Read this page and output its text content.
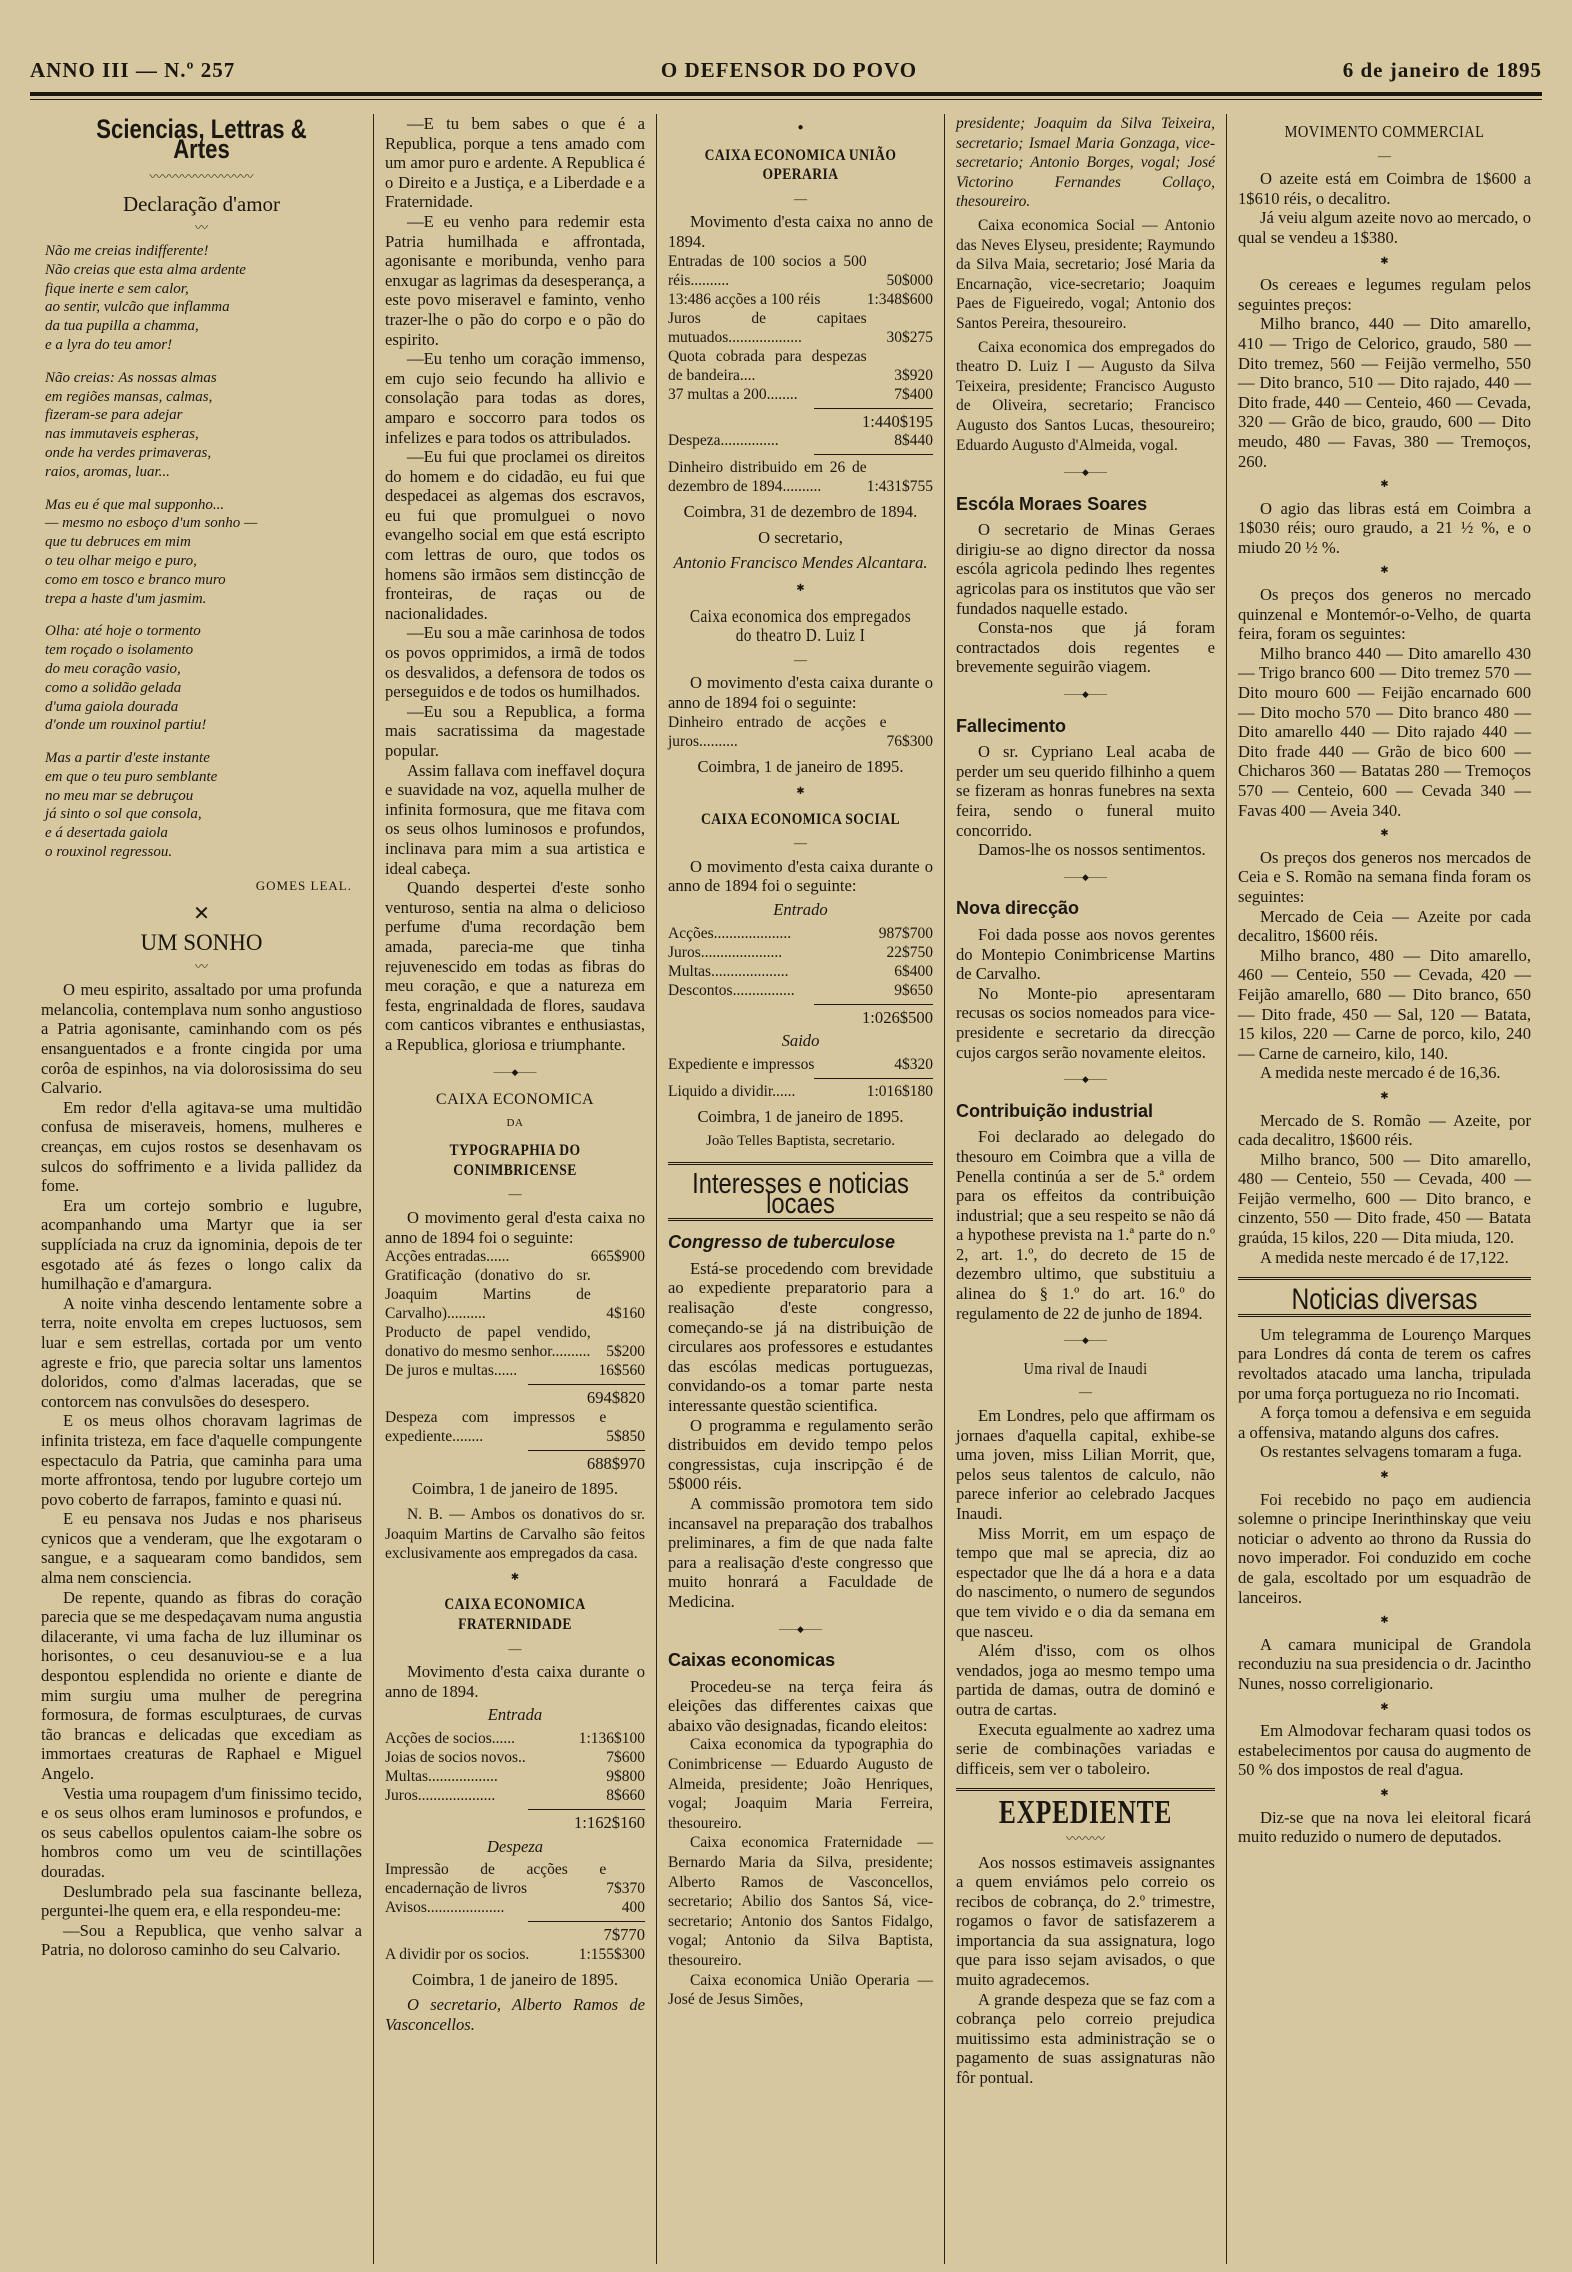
ANNO III — N.º 257	O DEFENSOR DO POVO	6 de janeiro de 1895
Sciencias, Lettras & Artes
〰〰〰〰〰〰〰〰
Declaração d'amor
〰
Não me creias indifferente!
Não creias que esta alma ardente
fique inerte e sem calor,
ao sentir, vulcão que inflamma
da tua pupilla a chamma,
e a lyra do teu amor!
Não creias: As nossas almas
em regiões mansas, calmas,
fizeram-se para adejar
nas immutaveis espheras,
onde ha verdes primaveras,
raios, aromas, luar...
Mas eu é que mal supponho...
— mesmo no esboço d'um sonho —
que tu debruces em mim
o teu olhar meigo e puro,
como em tosco e branco muro
trepa a haste d'um jasmim.
Olha: até hoje o tormento
tem roçado o isolamento
do meu coração vasio,
como a solidão gelada
d'uma gaiola dourada
d'onde um rouxinol partiu!
Mas a partir d'este instante
em que o teu puro semblante
no meu mar se debruçou
já sinto o sol que consola,
e á desertada gaiola
o rouxinol regressou.
GOMES LEAL.
✕
UM SONHO
〰

O meu espirito, assaltado por uma profunda melancolia, contemplava num sonho angustioso a Patria agonisante, caminhando com os pés ensanguentados e a fronte cingida por uma corôa de espinhos, na via dolorosissima do seu Calvario.

Em redor d'ella agitava-se uma multidão confusa de miseraveis, homens, mulheres e creanças, em cujos rostos se desenhavam os sulcos do soffrimento e a livida pallidez da fome.

Era um cortejo sombrio e lugubre, acompanhando uma Martyr que ia ser supplíciada na cruz da ignominia, depois de ter esgotado até ás fezes o longo calix da humilhação e d'amargura.

A noite vinha descendo lentamente sobre a terra, noite envolta em crepes luctuosos, sem luar e sem estrellas, cortada por um vento agreste e frio, que parecia soltar uns lamentos doloridos, como d'almas laceradas, que se contorcem nas convulsões do desespero.

E os meus olhos choravam lagrimas de infinita tristeza, em face d'aquelle compungente espectaculo da Patria, que caminha para uma morte affrontosa, tendo por lugubre cortejo um povo coberto de farrapos, faminto e quasi nú.

E eu pensava nos Judas e nos phariseus cynicos que a venderam, que lhe exgotaram o sangue, e a saquearam como bandidos, sem alma nem consciencia.

De repente, quando as fibras do coração parecia que se me despedaçavam numa angustia dilacerante, vi uma facha de luz illuminar os horisontes, o ceu desanuviou-se e a lua despontou esplendida no oriente e diante de mim surgiu uma mulher de peregrina formosura, de formas esculpturaes, de curvas tão brancas e delicadas que excediam as immortaes creaturas de Raphael e Miguel Angelo.

Vestia uma roupagem d'um finissimo tecido, e os seus olhos eram luminosos e profundos, e os seus cabellos opulentos caiam-lhe sobre os hombros como um veu de scintillações douradas.

Deslumbrado pela sua fascinante belleza, perguntei-lhe quem era, e ella respondeu-me:

—Sou a Republica, que venho salvar a Patria, no doloroso caminho do seu Calvario.

—E tu bem sabes o que é a Republica, porque a tens amado com um amor puro e ardente. A Republica é o Direito e a Justiça, e a Liberdade e a Fraternidade.

—E eu venho para redemir esta Patria humilhada e affrontada, agonisante e moribunda, venho para enxugar as lagrimas da desesperança, a este povo miseravel e faminto, venho trazer-lhe o pão do corpo e o pão do espirito.

—Eu tenho um coração immenso, em cujo seio fecundo ha allivio e consolação para todas as dores, amparo e soccorro para todos os infelizes e para todos os attribulados.

—Eu fui que proclamei os direitos do homem e do cidadão, eu fui que despedacei as algemas dos escravos, eu fui que promulguei o novo evangelho social em que está escripto com lettras de ouro, que todos os homens são irmãos sem distincção de fronteiras, de raças ou de nacionalidades.

—Eu sou a mãe carinhosa de todos os povos opprimidos, a irmã de todos os desvalidos, a defensora de todos os perseguidos e de todos os humilhados.

—Eu sou a Republica, a forma mais sacratissima da magestade popular.

Assim fallava com ineffavel doçura e suavidade na voz, aquella mulher de infinita formosura, que me fitava com os seus olhos luminosos e profundos, inclinava para mim a sua artistica e ideal cabeça.

Quando despertei d'este sonho venturoso, sentia na alma o delicioso perfume d'uma recordação bem amada, parecia-me que tinha rejuvenescido em todas as fibras do meu coração, e que a natureza em festa, engrinaldada de flores, saudava com canticos vibrantes e enthusiastas, a Republica, gloriosa e triumphante.

——◆——
CAIXA ECONOMICA
DA
TYPOGRAPHIA DO CONIMBRICENSE
—

O movimento geral d'esta caixa no anno de 1894 foi o seguinte:

Acções entradas......	665$900
Gratificação (donativo do sr. Joaquim Martins de Carvalho)..........	4$160
Producto de papel vendido, donativo do mesmo senhor..........	5$200
De juros e multas......	16$560
694$820
Despeza com impressos e expediente........	5$850
688$970
Coimbra, 1 de janeiro de 1895.

N. B. — Ambos os donativos do sr. Joaquim Martins de Carvalho são feitos exclusivamente aos empregados da casa.

✱
CAIXA ECONOMICA FRATERNIDADE
—

Movimento d'esta caixa durante o anno de 1894.

Entrada
Acções de socios......	1:136$100
Joias de socios novos..	7$600
Multas..................	9$800
Juros....................	8$660
1:162$160
Despeza
Impressão de acções e encadernação de livros	7$370
Avisos....................	400
7$770
A dividir por os socios.	1:155$300
Coimbra, 1 de janeiro de 1895.

O secretario, Alberto Ramos de Vasconcellos.

●
CAIXA ECONOMICA UNIÃO OPERARIA
—

Movimento d'esta caixa no anno de 1894.

Entradas de 100 socios a 500 réis..........	50$000
13:486 acções a 100 réis	1:348$600
Juros de capitaes mutuados...................	30$275
Quota cobrada para despezas de bandeira....	3$920
37 multas a 200........	7$400
1:440$195
Despeza...............	8$440
Dinheiro distribuido em 26 de dezembro de 1894..........	1:431$755
Coimbra, 31 de dezembro de 1894.
O secretario,
Antonio Francisco Mendes Alcantara.
✱
Caixa economica dos empregados do theatro D. Luiz I
—

O movimento d'esta caixa durante o anno de 1894 foi o seguinte:

Dinheiro entrado de acções e juros..........	76$300
Coimbra, 1 de janeiro de 1895.
✱
CAIXA ECONOMICA SOCIAL
—

O movimento d'esta caixa durante o anno de 1894 foi o seguinte:

Entrado
Acções....................	987$700
Juros.....................	22$750
Multas....................	6$400
Descontos................	9$650
1:026$500
Saido
Expediente e impressos	4$320
Liquido a dividir......	1:016$180
Coimbra, 1 de janeiro de 1895.
João Telles Baptista, secretario.
Interesses e noticias locaes
Congresso de tuberculose

Está-se procedendo com brevidade ao expediente preparatorio para a realisação d'este congresso, começando-se já na distribuição de circulares aos professores e estudantes das escólas medicas portuguezas, convidando-os a tomar parte nesta interessante questão scientifica.

O programma e regulamento serão distribuidos em devido tempo pelos congressistas, cuja inscripção é de 5$000 réis.

A commissão promotora tem sido incansavel na preparação dos trabalhos preliminares, a fim de que nada falte para a realisação d'este congresso que muito honrará a Faculdade de Medicina.

——◆——
Caixas economicas

Procedeu-se na terça feira ás eleições das differentes caixas que abaixo vão designadas, ficando eleitos:

Caixa economica da typographia do Conimbricense — Eduardo Augusto de Almeida, presidente; João Henriques, vogal; Joaquim Maria Ferreira, thesoureiro.

Caixa economica Fraternidade — Bernardo Maria da Silva, presidente; Alberto Ramos de Vasconcellos, secretario; Abilio dos Santos Sá, vice-secretario; Antonio dos Santos Fidalgo, vogal; Antonio da Silva Baptista, thesoureiro.

Caixa economica União Operaria — José de Jesus Simões,

presidente; Joaquim da Silva Teixeira, secretario; Ismael Maria Gonzaga, vice-secretario; Antonio Borges, vogal; José Victorino Fernandes Collaço, thesoureiro.

Caixa economica Social — Antonio das Neves Elyseu, presidente; Raymundo da Silva Maia, secretario; José Maria da Encarnação, vice-secretario; Joaquim Paes de Figueiredo, vogal; Antonio dos Santos Pereira, thesoureiro.

Caixa economica dos empregados do theatro D. Luiz I — Augusto da Silva Teixeira, presidente; Francisco Augusto de Oliveira, secretario; Francisco Augusto dos Santos Lucas, thesoureiro; Eduardo Augusto d'Almeida, vogal.

——◆——
Escóla Moraes Soares

O secretario de Minas Geraes dirigiu-se ao digno director da nossa escóla agricola pedindo lhes regentes agricolas para os institutos que vão ser fundados naquelle estado.

Consta-nos que já foram contractados dois regentes e brevemente seguirão viagem.

——◆——
Fallecimento

O sr. Cypriano Leal acaba de perder um seu querido filhinho a quem se fizeram as honras funebres na sexta feira, sendo o funeral muito concorrido.

Damos-lhe os nossos sentimentos.

——◆——
Nova direcção

Foi dada posse aos novos gerentes do Montepio Conimbricense Martins de Carvalho.

No Monte-pio apresentaram recusas os socios nomeados para vice-presidente e secretario da direcção cujos cargos serão novamente eleitos.

——◆——
Contribuição industrial

Foi declarado ao delegado do thesouro em Coimbra que a villa de Penella continúa a ser de 5.ª ordem para os effeitos da contribuição industrial; que a seu respeito se não dá a hypothese prevista na 1.ª parte do n.º 2, art. 1.º, do decreto de 15 de dezembro ultimo, que substituiu a alinea do § 1.º do art. 16.º do regulamento de 22 de junho de 1894.

——◆——
Uma rival de Inaudi
—

Em Londres, pelo que affirmam os jornaes d'aquella capital, exhibe-se uma joven, miss Lilian Morrit, que, pelos seus talentos de calculo, não parece inferior ao celebrado Jacques Inaudi.

Miss Morrit, em um espaço de tempo que mal se aprecia, diz ao espectador que lhe dá a hora e a data do nascimento, o numero de segundos que tem vivido e o dia da semana em que nasceu.

Além d'isso, com os olhos vendados, joga ao mesmo tempo uma partida de damas, outra de dominó e outra de cartas.

Executa egualmente ao xadrez uma serie de combinações variadas e difficeis, sem ver o taboleiro.

EXPEDIENTE
〰〰〰

Aos nossos estimaveis assignantes a quem enviámos pelo correio os recibos de cobrança, do 2.º trimestre, rogamos o favor de satisfazerem a importancia da sua assignatura, logo que para isso sejam avisados, o que muito agradecemos.

A grande despeza que se faz com a cobrança pelo correio prejudica muitissimo esta administração se o pagamento de suas assignaturas não fôr pontual.

MOVIMENTO COMMERCIAL
—

O azeite está em Coimbra de 1$600 a 1$610 réis, o decalitro.

Já veiu algum azeite novo ao mercado, o qual se vendeu a 1$380.

✱

Os cereaes e legumes regulam pelos seguintes preços:

Milho branco, 440 — Dito amarello, 410 — Trigo de Celorico, graudo, 580 — Dito tremez, 560 — Feijão vermelho, 550 — Dito branco, 510 — Dito rajado, 440 — Dito frade, 440 — Centeio, 460 — Cevada, 320 — Grão de bico, graudo, 600 — Dito meudo, 480 — Favas, 380 — Tremoços, 260.

✱

O agio das libras está em Coimbra a 1$030 réis; ouro graudo, a 21 ½ %, e o miudo 20 ½ %.

✱

Os preços dos generos no mercado quinzenal e Montemór-o-Velho, de quarta feira, foram os seguintes:

Milho branco 440 — Dito amarello 430 — Trigo branco 600 — Dito tremez 570 — Dito mouro 600 — Feijão encarnado 600 — Dito mocho 570 — Dito branco 480 — Dito amarello 440 — Dito rajado 440 — Dito frade 440 — Grão de bico 600 — Chicharos 360 — Batatas 280 — Tremoços 570 — Centeio, 600 — Cevada 340 — Favas 400 — Aveia 340.

✱

Os preços dos generos nos mercados de Ceia e S. Romão na semana finda foram os seguintes:

Mercado de Ceia — Azeite por cada decalitro, 1$600 réis.

Milho branco, 480 — Dito amarello, 460 — Centeio, 550 — Cevada, 420 — Feijão amarello, 680 — Dito branco, 650 — Dito frade, 450 — Sal, 120 — Batata, 15 kilos, 220 — Carne de porco, kilo, 240 — Carne de carneiro, kilo, 140.

A medida neste mercado é de 16,36.

✱

Mercado de S. Romão — Azeite, por cada decalitro, 1$600 réis.

Milho branco, 500 — Dito amarello, 480 — Centeio, 550 — Cevada, 400 — Feijão vermelho, 600 — Dito branco, e cinzento, 550 — Dito frade, 450 — Batata graúda, 15 kilos, 220 — Dita miuda, 120.

A medida neste mercado é de 17,122.

Noticias diversas

Um telegramma de Lourenço Marques para Londres dá conta de terem os cafres revoltados atacado uma lancha, tripulada por uma força portugueza no rio Incomati.

A força tomou a defensiva e em seguida a offensiva, matando alguns dos cafres.

Os restantes selvagens tomaram a fuga.

✱

Foi recebido no paço em audiencia solemne o principe Inerinthinskay que veiu noticiar o advento ao throno da Russia do novo imperador. Foi conduzido em coche de gala, escoltado por um esquadrão de lanceiros.

✱

A camara municipal de Grandola reconduziu na sua presidencia o dr. Jacintho Nunes, nosso correligionario.

✱

Em Almodovar fecharam quasi todos os estabelecimentos por causa do augmento de 50 % dos impostos de real d'agua.

✱

Diz-se que na nova lei eleitoral ficará muito reduzido o numero de deputados.
